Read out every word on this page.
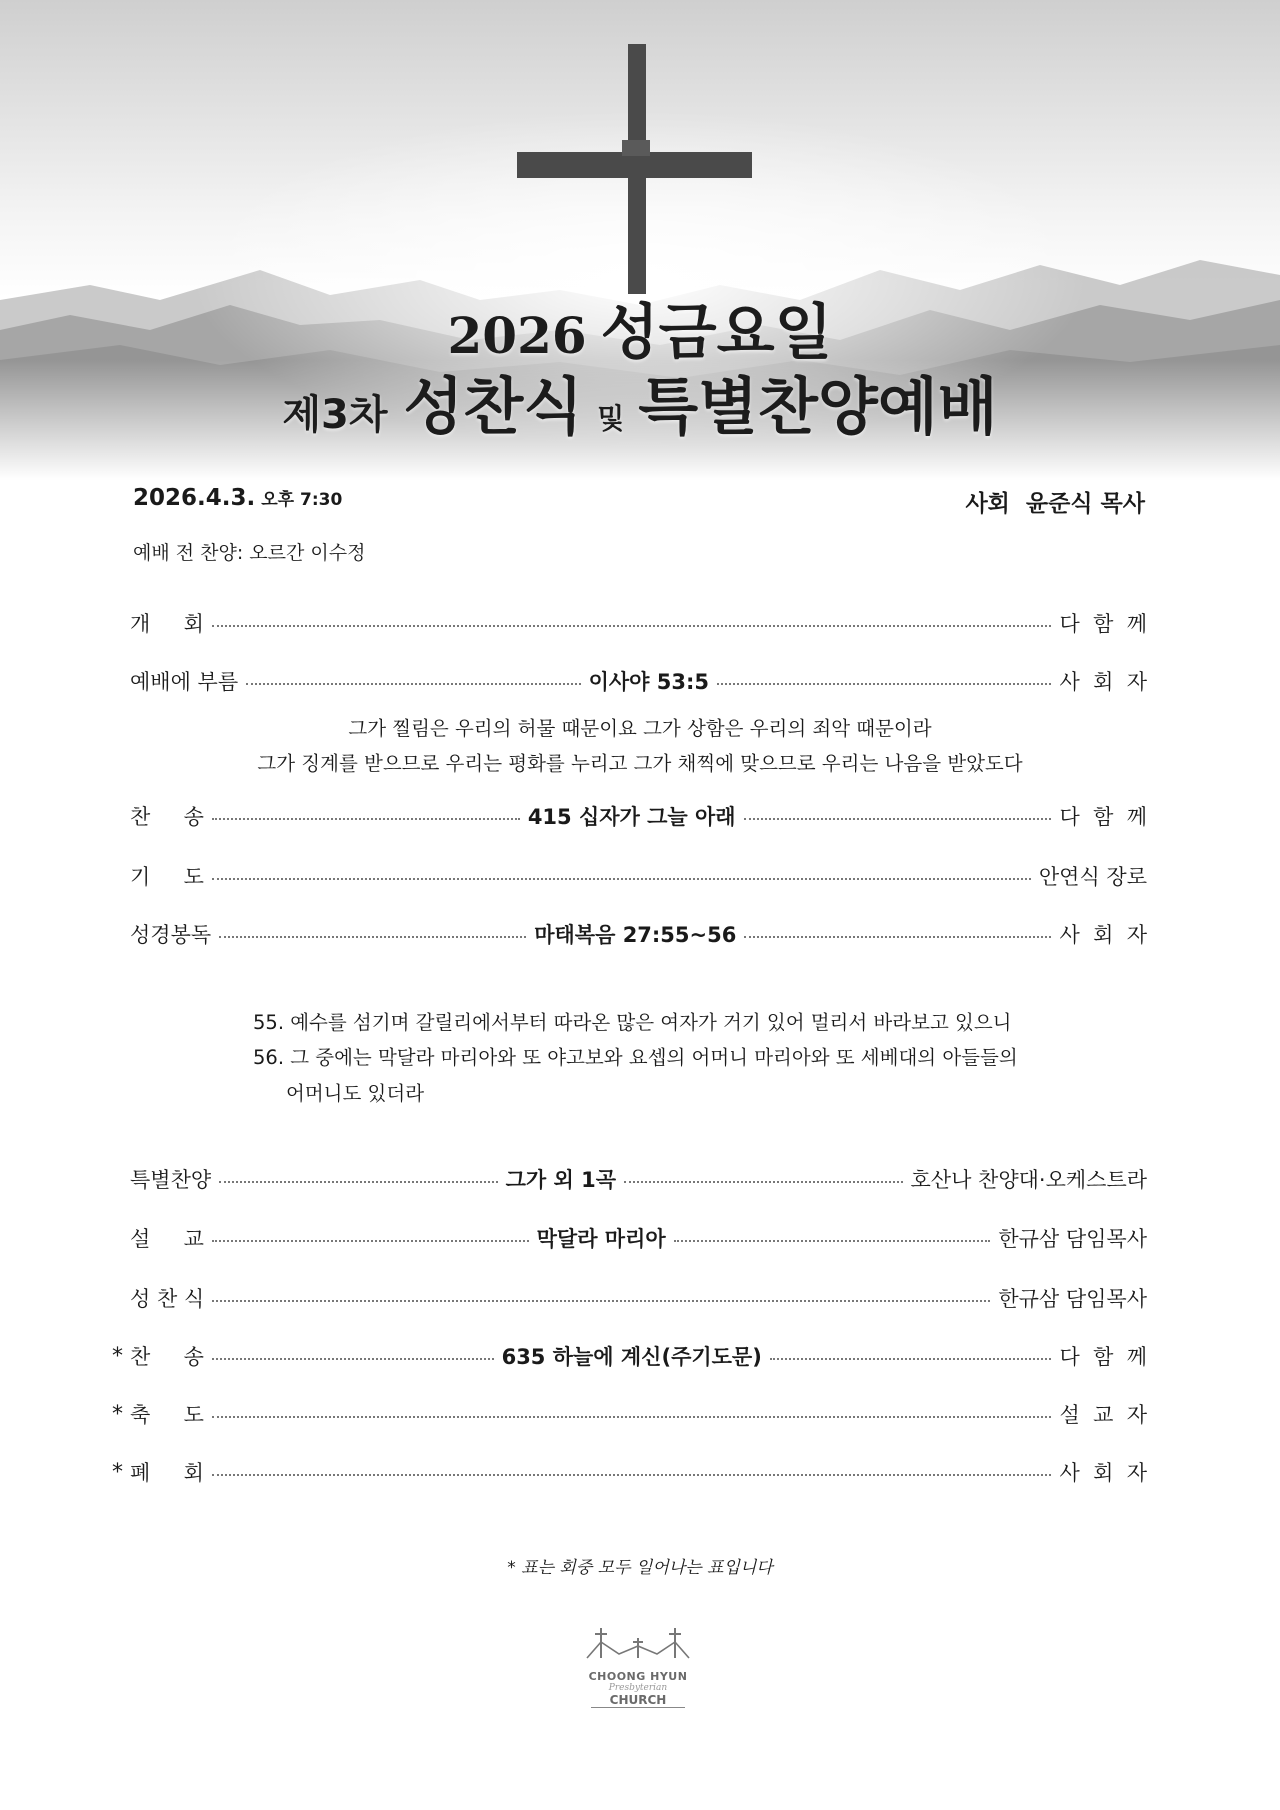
2026 성금요일
제3차 성찬식 및 특별찬양예배
2026.4.3. 오후 7:30	사회  윤준식 목사
예배 전 찬양: 오르간 이수정
개     회	다  함  께
예배에 부름	이사야 53:5	사  회  자
찬     송	415 십자가 그늘 아래	다  함  께
기     도	안연식 장로
성경봉독	마태복음 27:55~56	사  회  자
특별찬양	그가 외 1곡	호산나 찬양대·오케스트라
설     교	막달라 마리아	한규삼 담임목사
성 찬 식	한규삼 담임목사
* 찬     송	635 하늘에 계신(주기도문)	다  함  께
* 축     도	설  교  자
* 폐     회	사  회  자
그가 찔림은 우리의 허물 때문이요 그가 상함은 우리의 죄악 때문이라
그가 징계를 받으므로 우리는 평화를 누리고 그가 채찍에 맞으므로 우리는 나음을 받았도다
55. 예수를 섬기며 갈릴리에서부터 따라온 많은 여자가 거기 있어 멀리서 바라보고 있으니
56. 그 중에는 막달라 마리아와 또 야고보와 요셉의 어머니 마리아와 또 세베대의 아들들의
어머니도 있더라
* 표는 회중 모두 일어나는 표입니다
CHOONG HYUN
Presbyterian
CHURCH
